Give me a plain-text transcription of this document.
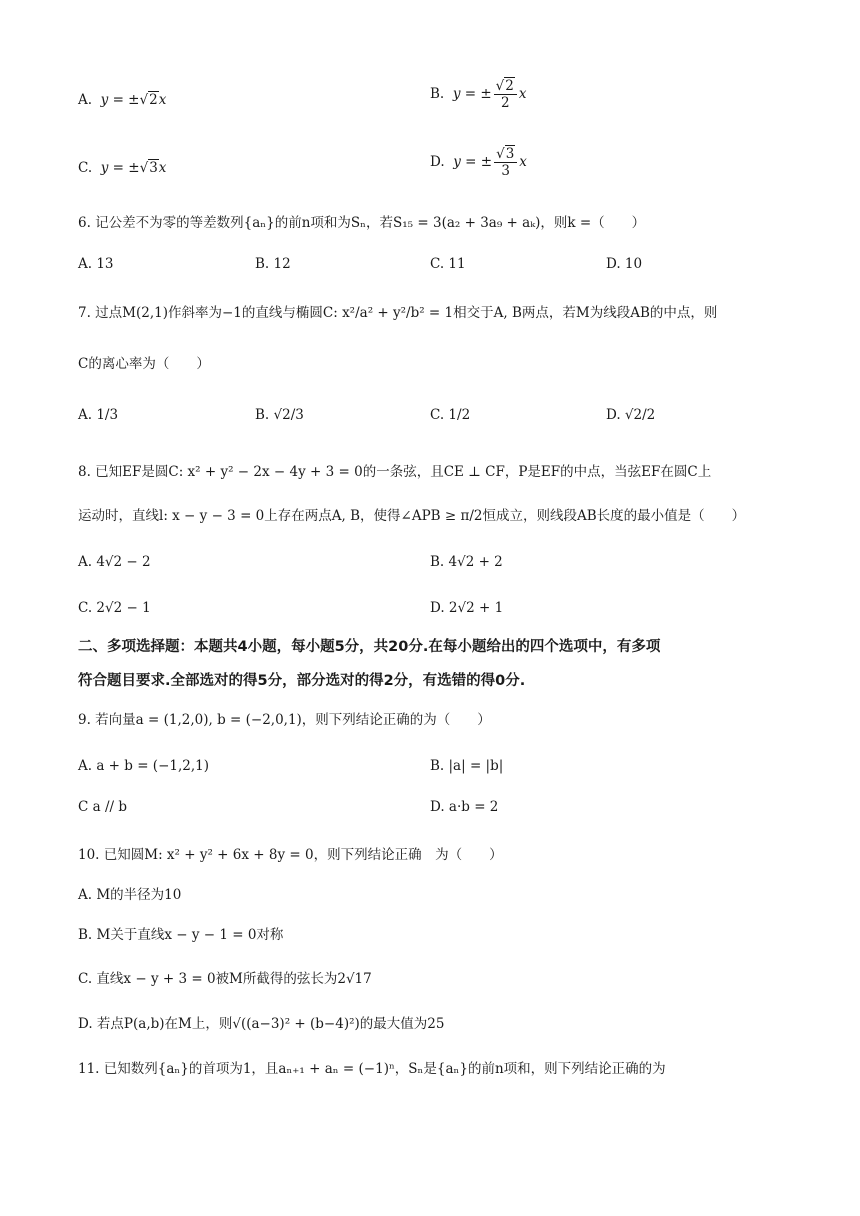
A. y = ±√2x	B. y = ± $\frac{√2}{2}$ x
C. y = ±√3x	D. y = ± $\frac{√3}{3}$ x
6. 记公差不为零的等差数列{aₙ}的前n项和为Sₙ，若S₁₅ = 3(a₂ + 3a₉ + aₖ)，则k =（　　）
A. 13	B. 12	C. 11	D. 10
7. 过点M(2,1)作斜率为−1的直线与椭圆C: x²/a² + y²/b² = 1相交于A, B两点，若M为线段AB的中点，则
C的离心率为（　　）
A. 1/3	B. √2/3	C. 1/2	D. √2/2
8. 已知EF是圆C: x² + y² − 2x − 4y + 3 = 0的一条弦，且CE ⊥ CF，P是EF的中点，当弦EF在圆C上
运动时，直线l: x − y − 3 = 0上存在两点A, B，使得∠APB ≥ π/2恒成立，则线段AB长度的最小值是（　　）
A. 4√2 − 2	B. 4√2 + 2
C. 2√2 − 1	D. 2√2 + 1
二、多项选择题：本题共4小题，每小题5分，共20分.在每小题给出的四个选项中，有多项
符合题目要求.全部选对的得5分，部分选对的得2分，有选错的得0分.
9. 若向量a = (1,2,0), b = (−2,0,1)，则下列结论正确的为（　　）
A. a + b = (−1,2,1)	B. |a| = |b|
C a // b	D. a·b = 2
10. 已知圆M: x² + y² + 6x + 8y = 0，则下列结论正确　为（　　）
A. M的半径为10
B. M关于直线x − y − 1 = 0对称
C. 直线x − y + 3 = 0被M所截得的弦长为2√17
D. 若点P(a,b)在M上，则√((a−3)² + (b−4)²)的最大值为25
11. 已知数列{aₙ}的首项为1，且aₙ₊₁ + aₙ = (−1)ⁿ，Sₙ是{aₙ}的前n项和，则下列结论正确的为
